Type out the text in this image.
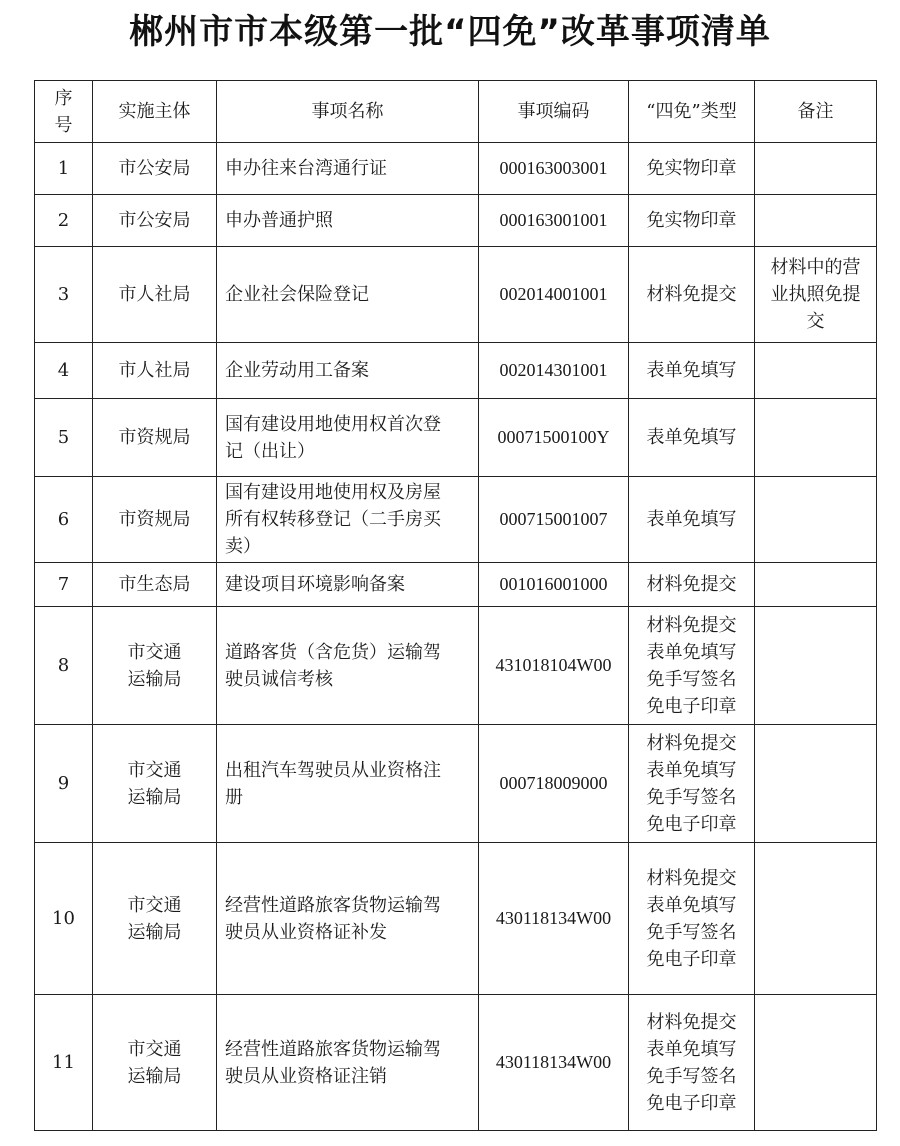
郴州市市本级第一批“四免”改革事项清单
序
号	实施主体	事项名称	事项编码	“四免”类型	备注
1	市公安局	申办往来台湾通行证	000163003001	免实物印章	

2	市公安局	申办普通护照	000163001001	免实物印章	

3	市人社局	企业社会保险登记	002014001001	材料免提交	材料中的营
业执照免提
交

4	市人社局	企业劳动用工备案	002014301001	表单免填写	

5	市资规局	国有建设用地使用权首次登
记（出让）	00071500100Y	表单免填写	

6	市资规局	国有建设用地使用权及房屋
所有权转移登记（二手房买
卖）	000715001007	表单免填写	

7	市生态局	建设项目环境影响备案	001016001000	材料免提交	

8	市交通
运输局	道路客货（含危货）运输驾
驶员诚信考核	431018104W00	材料免提交
表单免填写
免手写签名
免电子印章	

9	市交通
运输局	出租汽车驾驶员从业资格注
册	000718009000	材料免提交
表单免填写
免手写签名
免电子印章	

10	市交通
运输局	经营性道路旅客货物运输驾
驶员从业资格证补发	430118134W00	材料免提交
表单免填写
免手写签名
免电子印章	

11	市交通
运输局	经营性道路旅客货物运输驾
驶员从业资格证注销	430118134W00	材料免提交
表单免填写
免手写签名
免电子印章	
